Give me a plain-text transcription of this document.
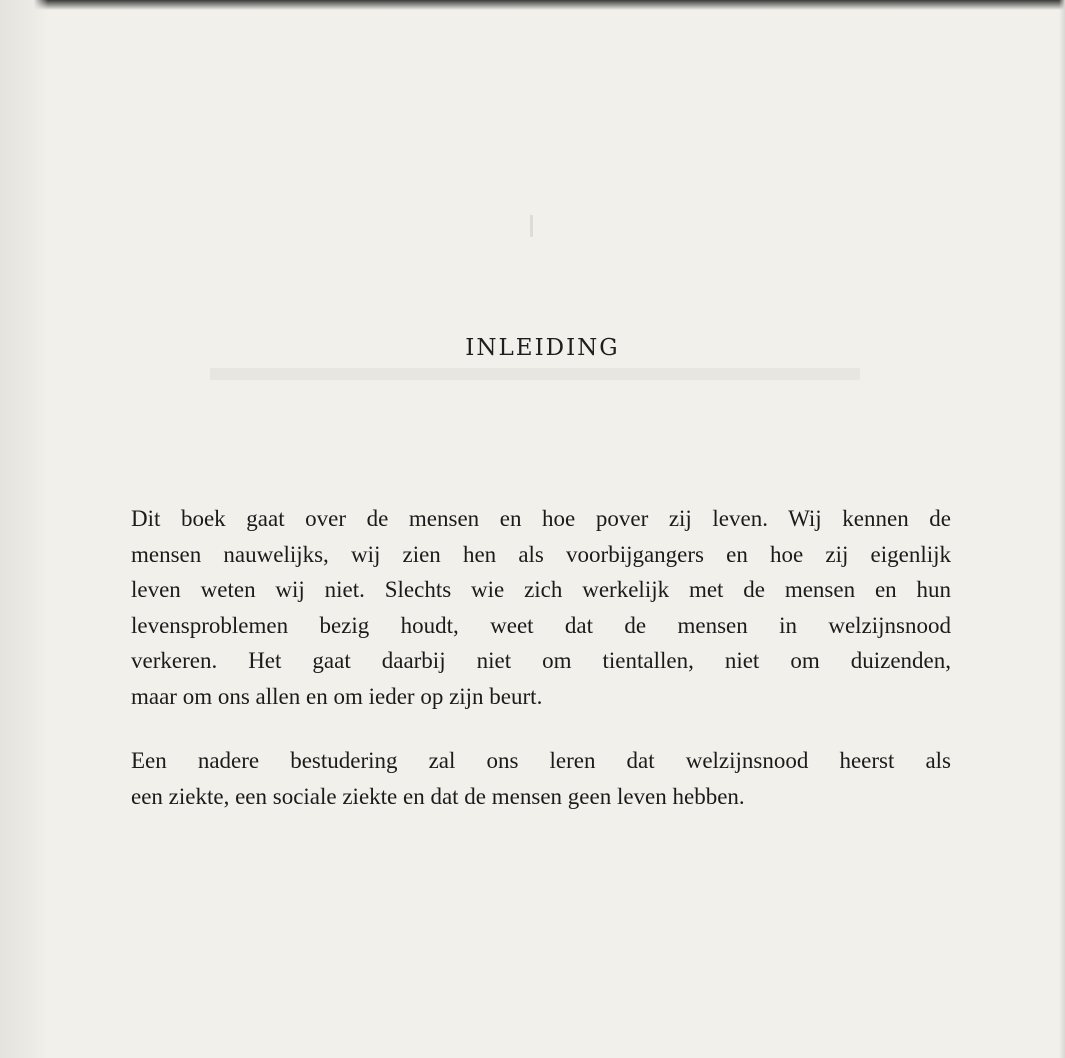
INLEIDING

Dit boek gaat over de mensen en hoe pover zij leven. Wij kennen de
mensen nauwelijks, wij zien hen als voorbijgangers en hoe zij eigenlijk
leven weten wij niet. Slechts wie zich werkelijk met de mensen en hun
levensproblemen bezig houdt, weet dat de mensen in welzijnsnood
verkeren. Het gaat daarbij niet om tientallen, niet om duizenden,
maar om ons allen en om ieder op zijn beurt.

Een nadere bestudering zal ons leren dat welzijnsnood heerst als
een ziekte, een sociale ziekte en dat de mensen geen leven hebben.
